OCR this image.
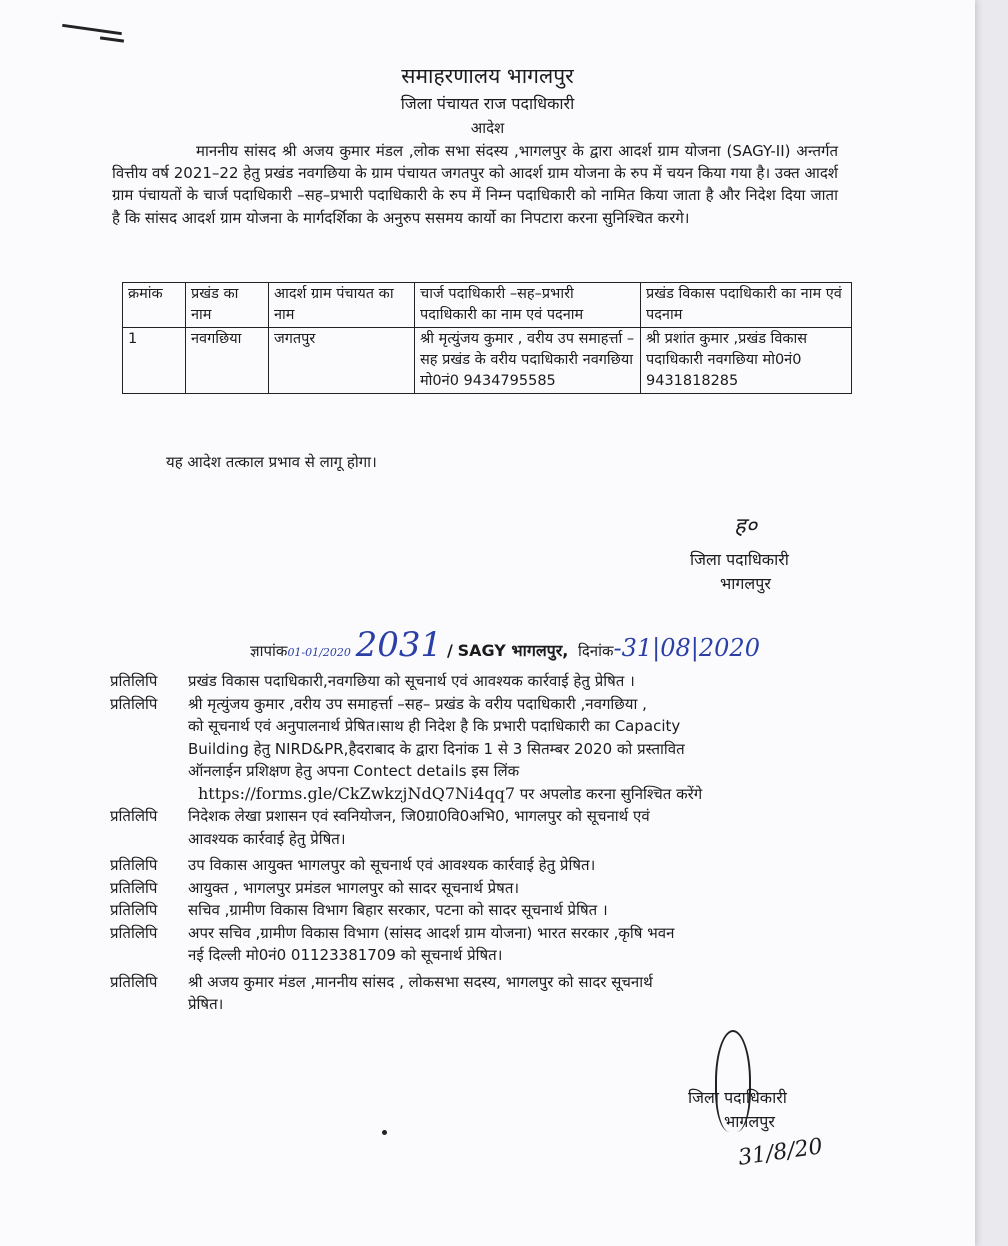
समाहरणालय भागलपुर
जिला पंचायत राज पदाधिकारी
आदेश

माननीय सांसद श्री अजय कुमार मंडल ,लोक सभा संदस्य ,भागलपुर के द्वारा आदर्श ग्राम योजना (SAGY-II) अन्तर्गत वित्तीय वर्ष 2021–22 हेतु प्रखंड नवगछिया के ग्राम पंचायत जगतपुर को आदर्श ग्राम योजना के रुप में चयन किया गया है। उक्त आदर्श ग्राम पंचायतों के चार्ज पदाधिकारी –सह–प्रभारी पदाधिकारी के रुप में निम्न पदाधिकारी को नामित किया जाता है और निदेश दिया जाता है कि सांसद आदर्श ग्राम योजना के मार्गदर्शिका के अनुरुप ससमय कार्यो का निपटारा करना सुनिश्चित करगे।

क्रमांक	प्रखंड का नाम	आदर्श ग्राम पंचायत का नाम	चार्ज पदाधिकारी –सह–प्रभारी पदाधिकारी का नाम एवं पदनाम	प्रखंड विकास पदाधिकारी का नाम एवं पदनाम
1	नवगछिया	जगतपुर	श्री मृत्युंजय कुमार , वरीय उप समाहर्त्ता –सह प्रखंड के वरीय पदाधिकारी नवगछिया मो0नं0 9434795585	श्री प्रशांत कुमार ,प्रखंड विकास पदाधिकारी नवगछिया मो0नं0 9431818285
यह आदेश तत्काल प्रभाव से लागू होगा।
ह०
जिला पदाधिकारी
भागलपुर
ज्ञापांक01-01/2020 2031 / SAGY भागलपुर, दिनांक-31|08|2020
प्रतिलिपि	प्रखंड विकास पदाधिकारी,नवगछिया को सूचनार्थ एवं आवश्यक कार्रवाई हेतु प्रेषित ।
प्रतिलिपि	श्री मृत्युंजय कुमार ,वरीय उप समाहर्त्ता –सह– प्रखंड के वरीय पदाधिकारी ,नवगछिया ,
को सूचनार्थ एवं अनुपालनार्थ प्रेषित।साथ ही निदेश है कि प्रभारी पदाधिकारी का Capacity
Building हेतु NIRD&PR,हैदराबाद के द्वारा दिनांक 1 से 3 सितम्बर 2020 को प्रस्तावित
ऑनलाईन प्रशिक्षण हेतु अपना Contect details इस लिंक
https://forms.gle/CkZwkzjNdQ7Ni4qq7 पर अपलोड करना सुनिश्चित करेंगे
प्रतिलिपि	निदेशक लेखा प्रशासन एवं स्वनियोजन, जि0ग्रा0वि0अभि0, भागलपुर को सूचनार्थ एवं
आवश्यक कार्रवाई हेतु प्रेषित।
प्रतिलिपि	उप विकास आयुक्त भागलपुर को सूचनार्थ एवं आवश्यक कार्रवाई हेतु प्रेषित।
प्रतिलिपि	आयुक्त , भागलपुर प्रमंडल भागलपुर को सादर सूचनार्थ प्रेषत।
प्रतिलिपि	सचिव ,ग्रामीण विकास विभाग बिहार सरकार, पटना को सादर सूचनार्थ प्रेषित ।
प्रतिलिपि	अपर सचिव ,ग्रामीण विकास विभाग (सांसद आदर्श ग्राम योजना) भारत सरकार ,कृषि भवन
नई दिल्ली मो0नं0 01123381709 को सूचनार्थ प्रेषित।
प्रतिलिपि	श्री अजय कुमार मंडल ,माननीय सांसद , लोकसभा सदस्य, भागलपुर को सादर सूचनार्थ
प्रेषित।
जिला पदाधिकारी
भागलपुर
31/8/20
